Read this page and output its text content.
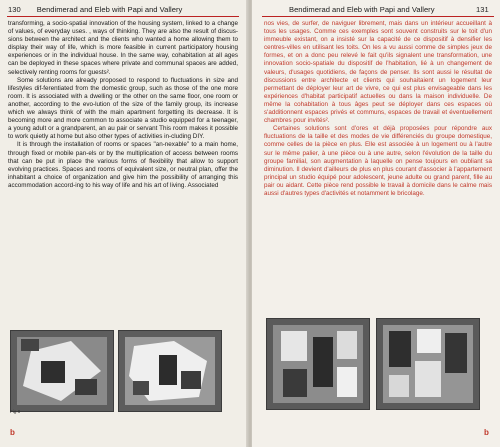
130 Bendimerad and Eleb with Papi and Vallery

transforming, a socio-spatial innovation of the housing system, linked to a change of values, of everyday uses. , ways of thinking. They are also the result of discus-sions between the architect and the clients who wanted a home allowing them to display their way of life, which is more feasible in current participatory housing experiences or in the individual house. In the same way, cohabitation at all ages can be deployed in these spaces where private and communal spaces are added, selectively renting rooms for guests².

Some solutions are already proposed to respond to fluctuations in size and lifestyles dif-ferentiated from the domestic group, such as those of the one more room. It is associated with a dwelling or the other on the same floor, one room or another, according to the evo-lution of the size of the family group, its increase which we always think of with the main apartment forgetting its decrease. It is becoming more and more common to associate a studio equipped for a teenager, a young adult or a grandparent, an au pair or servant This room makes it possible to work quietly at home but also other types of activities in-cluding DIY.

It is through the installation of rooms or spaces "an-nexable" to a main home, through fixed or mobile pan-els or by the multiplication of access between rooms that can be put in place the various forms of flexibility that allow to support evolving practices. Spaces and rooms of equivalent size, or neutral plan, offer the inhabitant a choice of organization and give him the possibility of arranging this accommodation accord-ing to his way of life and his art of living. Associated

Fig 8
b
Bendimerad and Eleb with Papi and Vallery	131

nos vies, de surfer, de naviguer librement, mais dans un intérieur accueillant à tous les usages. Comme ces exemples sont souvent construits sur le toit d'un immeuble existant, on a insisté sur la capacité de ce dispositif à densifier les centres-villes en utilisant les toits. On les a vu aussi comme de simples jeux de formes, et on a donc peu relevé le fait qu'ils signalent une transformation, une innovation socio-spatiale du dispositif de l'habitation, lié à un changement de valeurs, d'usages quotidiens, de façons de penser. Ils sont aussi le résultat de discussions entre architecte et clients qui souhaitaient un logement leur permettant de déployer leur art de vivre, ce qui est plus envisageable dans les expériences d'habitat participatif actuelles ou dans la maison individuelle. De même la cohabitation à tous âges peut se déployer dans ces espaces où s'additionnent espaces privés et communs, espaces de travail et éventuellement chambres pour invités².

Certaines solutions sont d'ores et déjà proposées pour répondre aux fluctuations de la taille et des modes de vie différenciés du groupe domestique, comme celles de la pièce en plus. Elle est associée à un logement ou à l'autre sur le même palier, à une pièce ou à une autre, selon l'évolution de la taille du groupe familial, son augmentation à laquelle on pense toujours en oubliant sa diminution. Il devient d'ailleurs de plus en plus courant d'associer à l'appartement principal un studio équipé pour adolescent, jeune adulte ou grand parent, fille au pair ou aidant. Cette pièce rend possible le travail à domicile dans le calme mais aussi d'autres types d'activités et notamment le bricolage.

b
